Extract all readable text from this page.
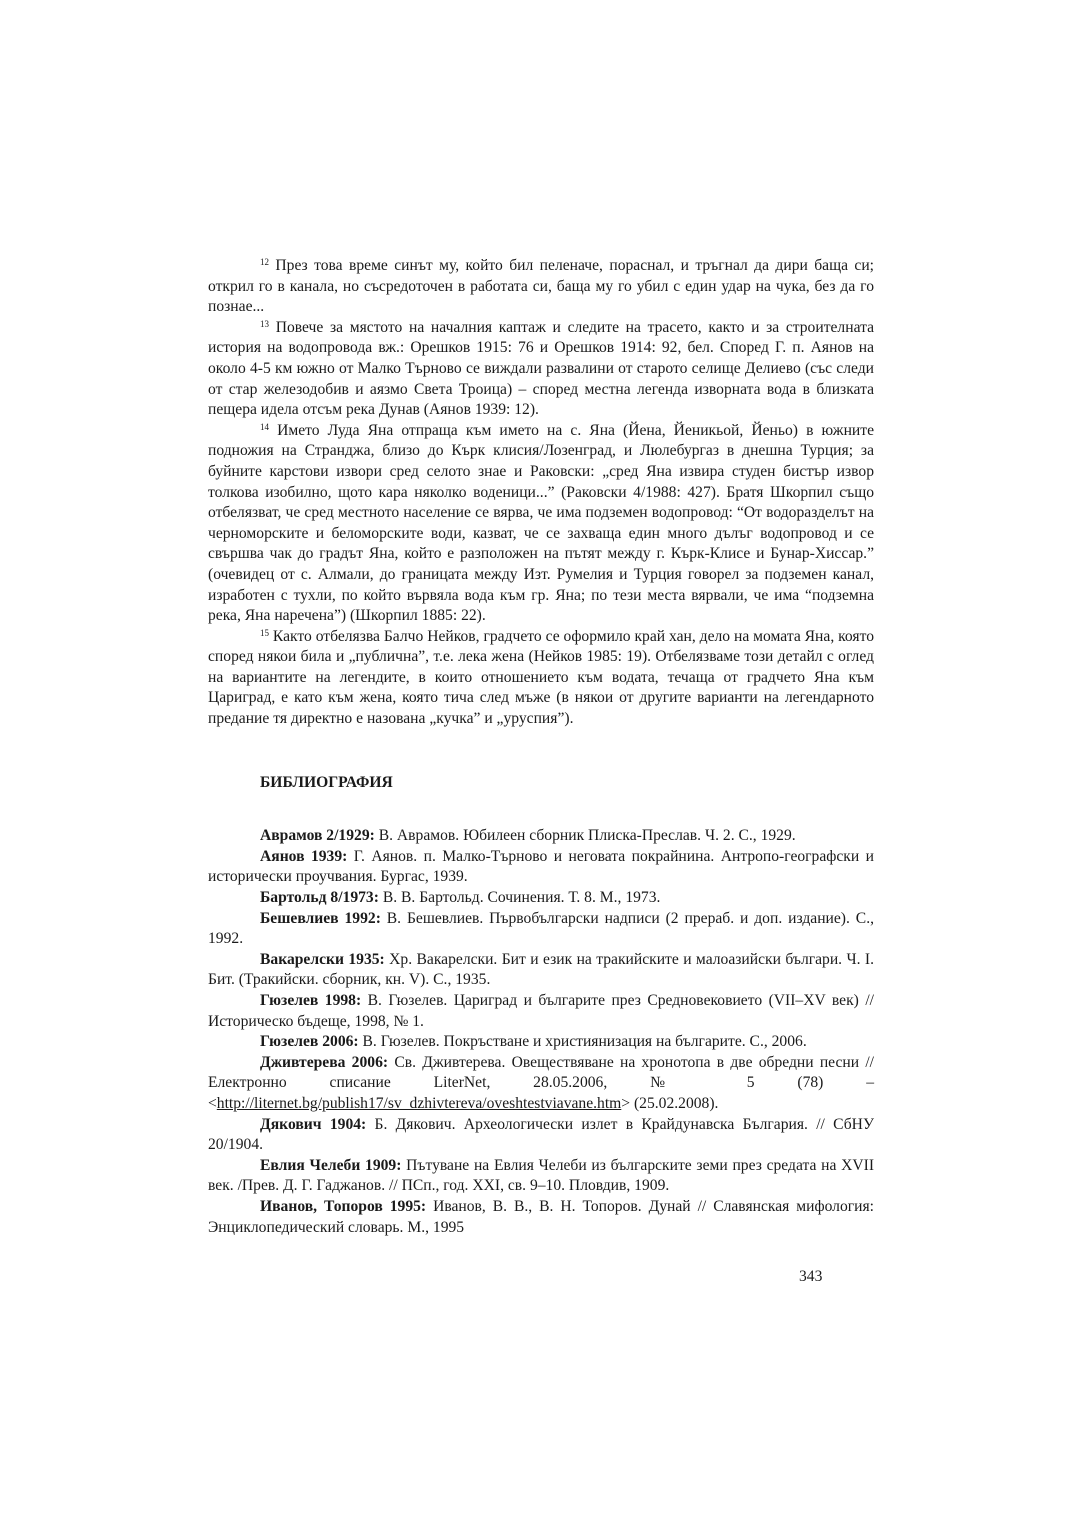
$^{12}$ През това време синът му, който бил пеленаче, пораснал, и тръгнал да дири баща си; открил го в канала, но съсредоточен в работата си, баща му го убил с един удар на чука, без да го познае...

$^{13}$ Повече за мястото на началния каптаж и следите на трасето, както и за строителната история на водопровода вж.: Орешков 1915: 76 и Орешков 1914: 92, бел. Според Г. п. Аянов на около 4-5 км южно от Малко Търново се виждали развалини от старото селище Делиево (със следи от стар железодобив и аязмо Света Троица) – според местна легенда изворната вода в близката пещера идела отсъм река Дунав (Аянов 1939: 12).

$^{14}$ Името Луда Яна отпраща към името на с. Яна (Йена, Йеникьой, Йеньо) в южните подножия на Странджа, близо до Кърк клисия/Лозенград, и Люлебургаз в днешна Турция; за буйните карстови извори сред селото знае и Раковски: „сред Яна извира студен бистър извор толкова изобилно, щото кара няколко воденици...” (Раковски 4/1988: 427). Братя Шкорпил също отбелязват, че сред местното население се вярва, че има подземен водопровод: “От водоразделът на черноморските и беломорските води, казват, че се захваща един много дълъг водопровод и се свършва чак до градът Яна, който е разположен на пътят между г. Кърк-Клисе и Бунар-Хиссар.” (очевидец от с. Алмали, до границата между Изт. Румелия и Турция говорел за подземен канал, изработен с тухли, по който вървяла вода към гр. Яна; по тези места вярвали, че има “подземна река, Яна наречена”) (Шкорпил 1885: 22).

$^{15}$ Както отбелязва Балчо Нейков, градчето се оформило край хан, дело на момата Яна, която според някои била и „публична”, т.е. лека жена (Нейков 1985: 19). Отбелязваме този детайл с оглед на вариантите на легендите, в които отношението към водата, течаща от градчето Яна към Цариград, е като към жена, която тича след мъже (в някои от другите варианти на легендарното предание тя директно е назована „кучка” и „уруспия”).

БИБЛИОГРАФИЯ

Аврамов 2/1929: В. Аврамов. Юбилеен сборник Плиска-Преслав. Ч. 2. С., 1929.

Аянов 1939: Г. Аянов. п. Малко-Търново и неговата покрайнина. Антропо-географски и исторически проучвания. Бургас, 1939.

Бартольд 8/1973: В. В. Бартольд. Сочинения. Т. 8. М., 1973.

Бешевлиев 1992: В. Бешевлиев. Първобългарски надписи (2 прераб. и доп. издание). С., 1992.

Вакарелски 1935: Хр. Вакарелски. Бит и език на тракийските и малоазийски българи. Ч. І. Бит. (Тракийски. сборник, кн. V). С., 1935.

Гюзелев 1998: В. Гюзелев. Цариград и българите през Средновековието (VII–XV век) // Историческо бъдеще, 1998, № 1.

Гюзелев 2006: В. Гюзелев. Покръстване и християнизация на българите. С., 2006.

Дживтерева 2006: Св. Дживтерева. Овеществяване на хронотопа в две обредни песни // Електронно списание LiterNet, 28.05.2006, № 5 (78) – <http://liternet.bg/publish17/sv_dzhivtereva/oveshtestviavane.htm> (25.02.2008).

Дякович 1904: Б. Дякович. Археологически излет в Крайдунавска България. // СбНУ 20/1904.

Евлия Челеби 1909: Пътуване на Евлия Челеби из българските земи през средата на XVII век. /Прев. Д. Г. Гаджанов. // ПСп., год. XXI, св. 9–10. Пловдив, 1909.

Иванов, Топоров 1995: Иванов, В. В., В. Н. Топоров. Дунай // Славянская мифология: Энциклопедический словарь. М., 1995

343
